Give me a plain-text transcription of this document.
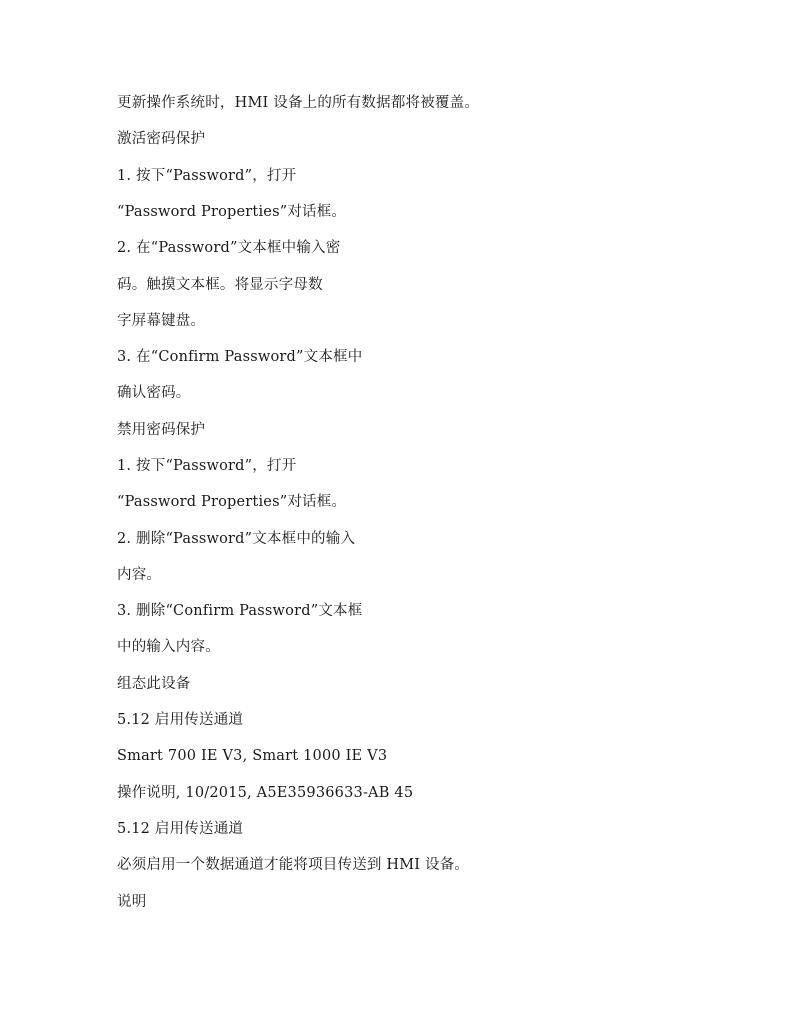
更新操作系统时，HMI 设备上的所有数据都将被覆盖。

激活密码保护

1. 按下“Password”，打开

“Password Properties”对话框。

2. 在“Password”文本框中输入密

码。触摸文本框。将显示字母数

字屏幕键盘。

3. 在“Confirm Password”文本框中

确认密码。

禁用密码保护

1. 按下“Password”，打开

“Password Properties”对话框。

2. 删除“Password”文本框中的输入

内容。

3. 删除“Confirm Password”文本框

中的输入内容。

组态此设备

5.12 启用传送通道

Smart 700 IE V3, Smart 1000 IE V3

操作说明, 10/2015, A5E35936633-AB 45

5.12 启用传送通道

必须启用一个数据通道才能将项目传送到 HMI 设备。

说明
